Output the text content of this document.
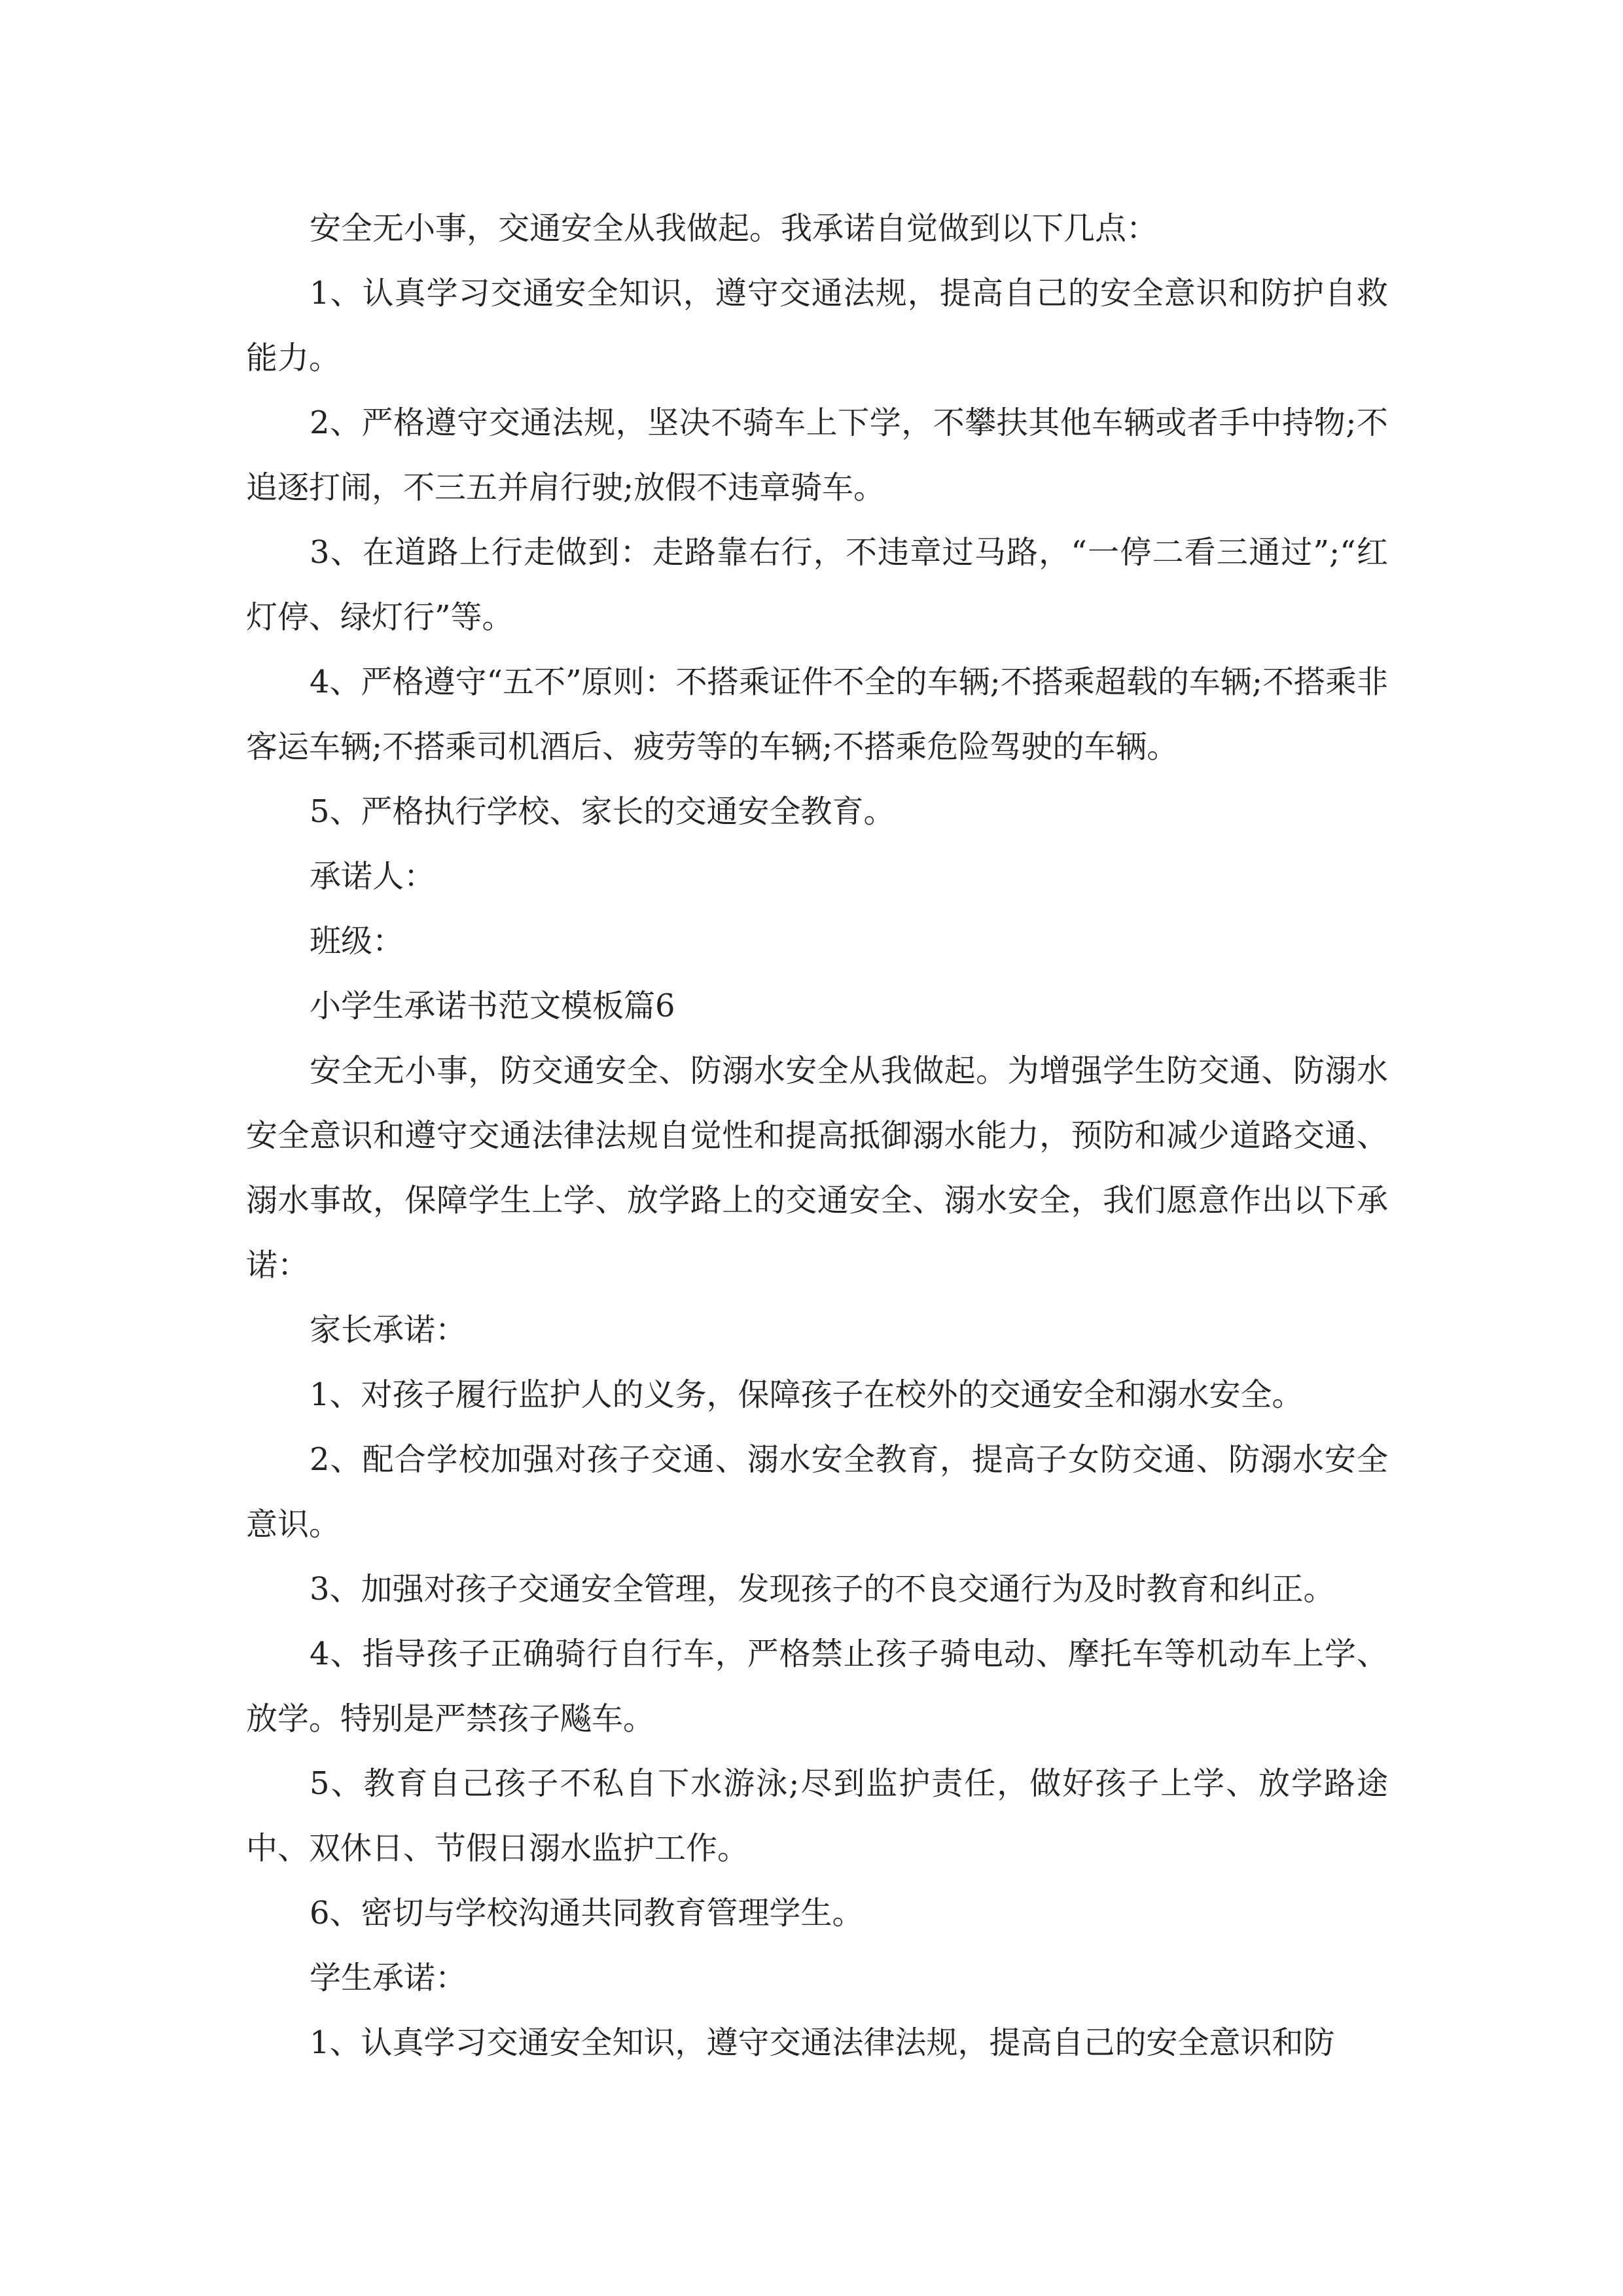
安全无小事，交通安全从我做起。我承诺自觉做到以下几点：

1、认真学习交通安全知识，遵守交通法规，提高自己的安全意识和防护自救能力。

2、严格遵守交通法规，坚决不骑车上下学，不攀扶其他车辆或者手中持物;不追逐打闹，不三五并肩行驶;放假不违章骑车。

3、在道路上行走做到：走路靠右行，不违章过马路，“一停二看三通过”;“红灯停、绿灯行”等。

4、严格遵守“五不”原则：不搭乘证件不全的车辆;不搭乘超载的车辆;不搭乘非客运车辆;不搭乘司机酒后、疲劳等的车辆;不搭乘危险驾驶的车辆。

5、严格执行学校、家长的交通安全教育。

承诺人：

班级：

小学生承诺书范文模板篇6

安全无小事，防交通安全、防溺水安全从我做起。为增强学生防交通、防溺水安全意识和遵守交通法律法规自觉性和提高抵御溺水能力，预防和减少道路交通、溺水事故，保障学生上学、放学路上的交通安全、溺水安全，我们愿意作出以下承诺：

家长承诺：

1、对孩子履行监护人的义务，保障孩子在校外的交通安全和溺水安全。

2、配合学校加强对孩子交通、溺水安全教育，提高子女防交通、防溺水安全意识。

3、加强对孩子交通安全管理，发现孩子的不良交通行为及时教育和纠正。

4、指导孩子正确骑行自行车，严格禁止孩子骑电动、摩托车等机动车上学、放学。特别是严禁孩子飚车。

5、教育自己孩子不私自下水游泳;尽到监护责任，做好孩子上学、放学路途中、双休日、节假日溺水监护工作。

6、密切与学校沟通共同教育管理学生。

学生承诺：

1、认真学习交通安全知识，遵守交通法律法规，提高自己的安全意识和防
